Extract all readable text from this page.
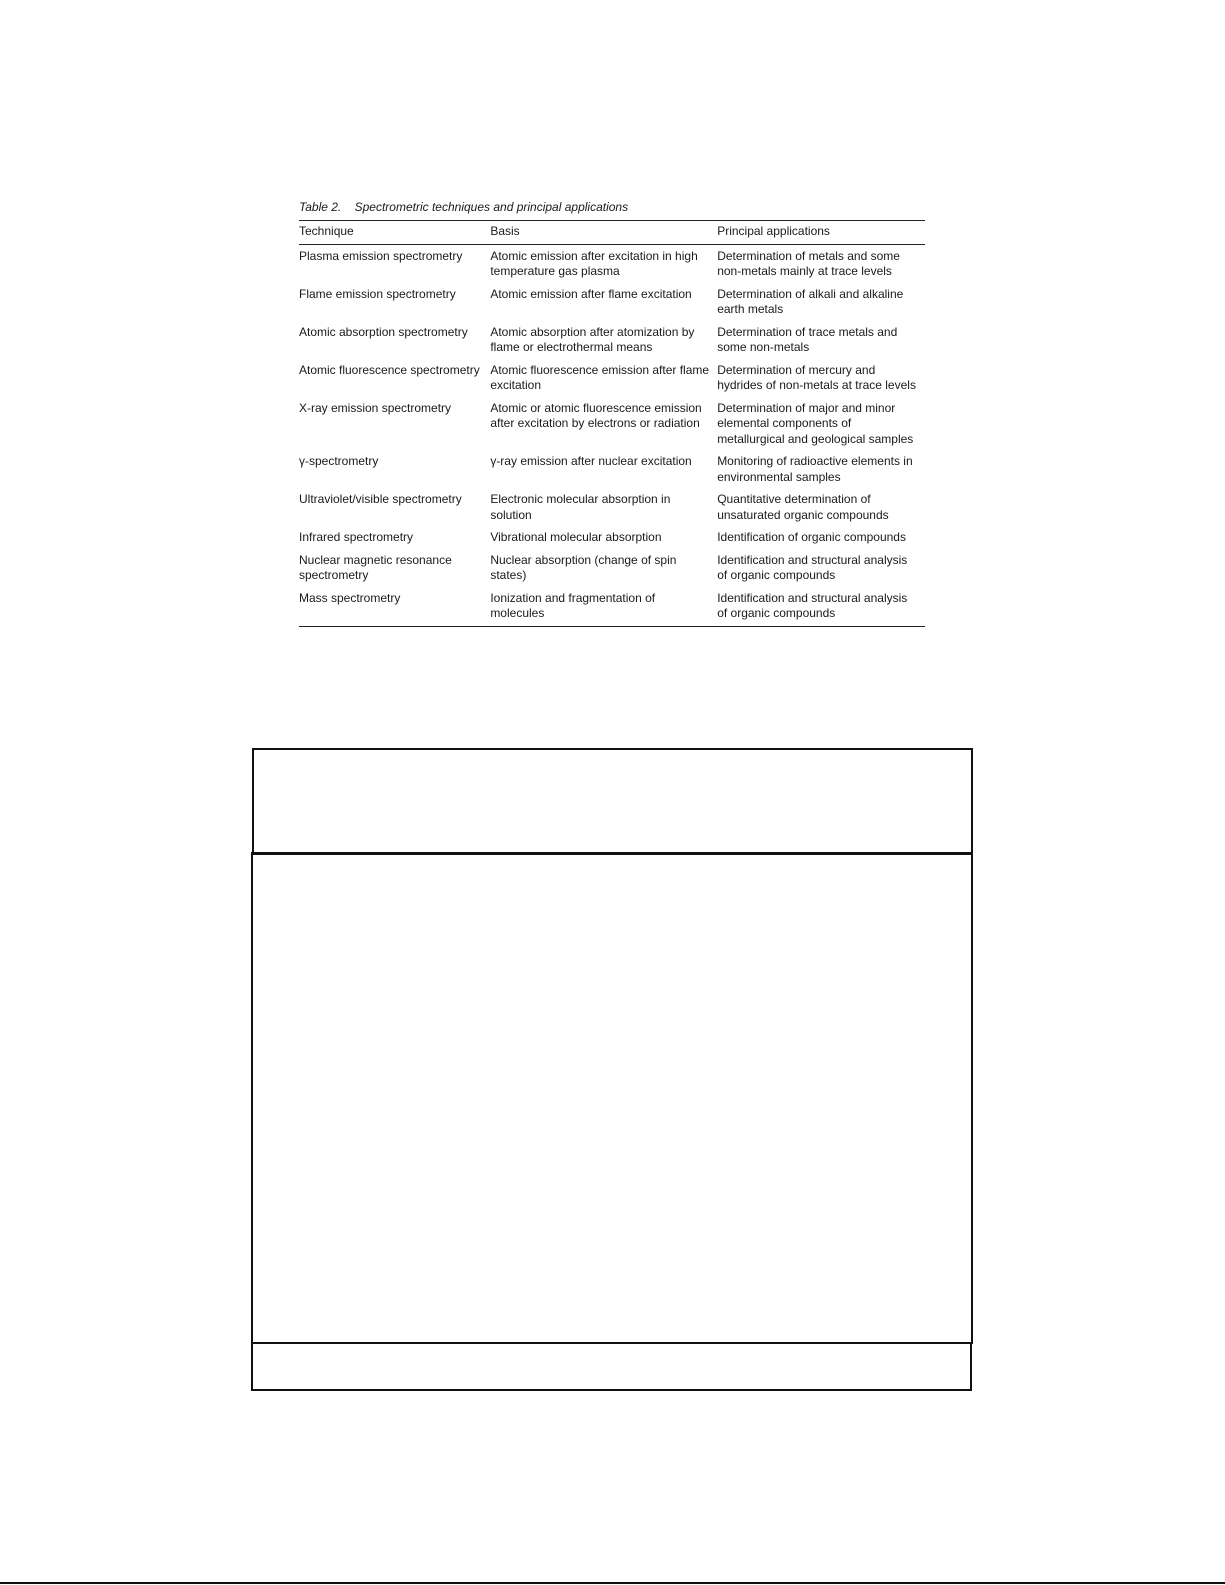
Table 2. Spectrometric techniques and principal applications
Technique	Basis	Principal applications
Plasma emission spectrometry	Atomic emission after excitation in high temperature gas plasma	Determination of metals and some non-metals mainly at trace levels
Flame emission spectrometry	Atomic emission after flame excitation	Determination of alkali and alkaline earth metals
Atomic absorption spectrometry	Atomic absorption after atomization by flame or electrothermal means	Determination of trace metals and some non-metals
Atomic fluorescence spectrometry	Atomic fluorescence emission after flame excitation	Determination of mercury and hydrides of non-metals at trace levels
X-ray emission spectrometry	Atomic or atomic fluorescence emission after excitation by electrons or radiation	Determination of major and minor elemental components of metallurgical and geological samples
γ-spectrometry	γ-ray emission after nuclear excitation	Monitoring of radioactive elements in environmental samples
Ultraviolet/visible spectrometry	Electronic molecular absorption in solution	Quantitative determination of unsaturated organic compounds
Infrared spectrometry	Vibrational molecular absorption	Identification of organic compounds
Nuclear magnetic resonance spectrometry	Nuclear absorption (change of spin states)	Identification and structural analysis of organic compounds
Mass spectrometry	Ionization and fragmentation of molecules	Identification and structural analysis of organic compounds
